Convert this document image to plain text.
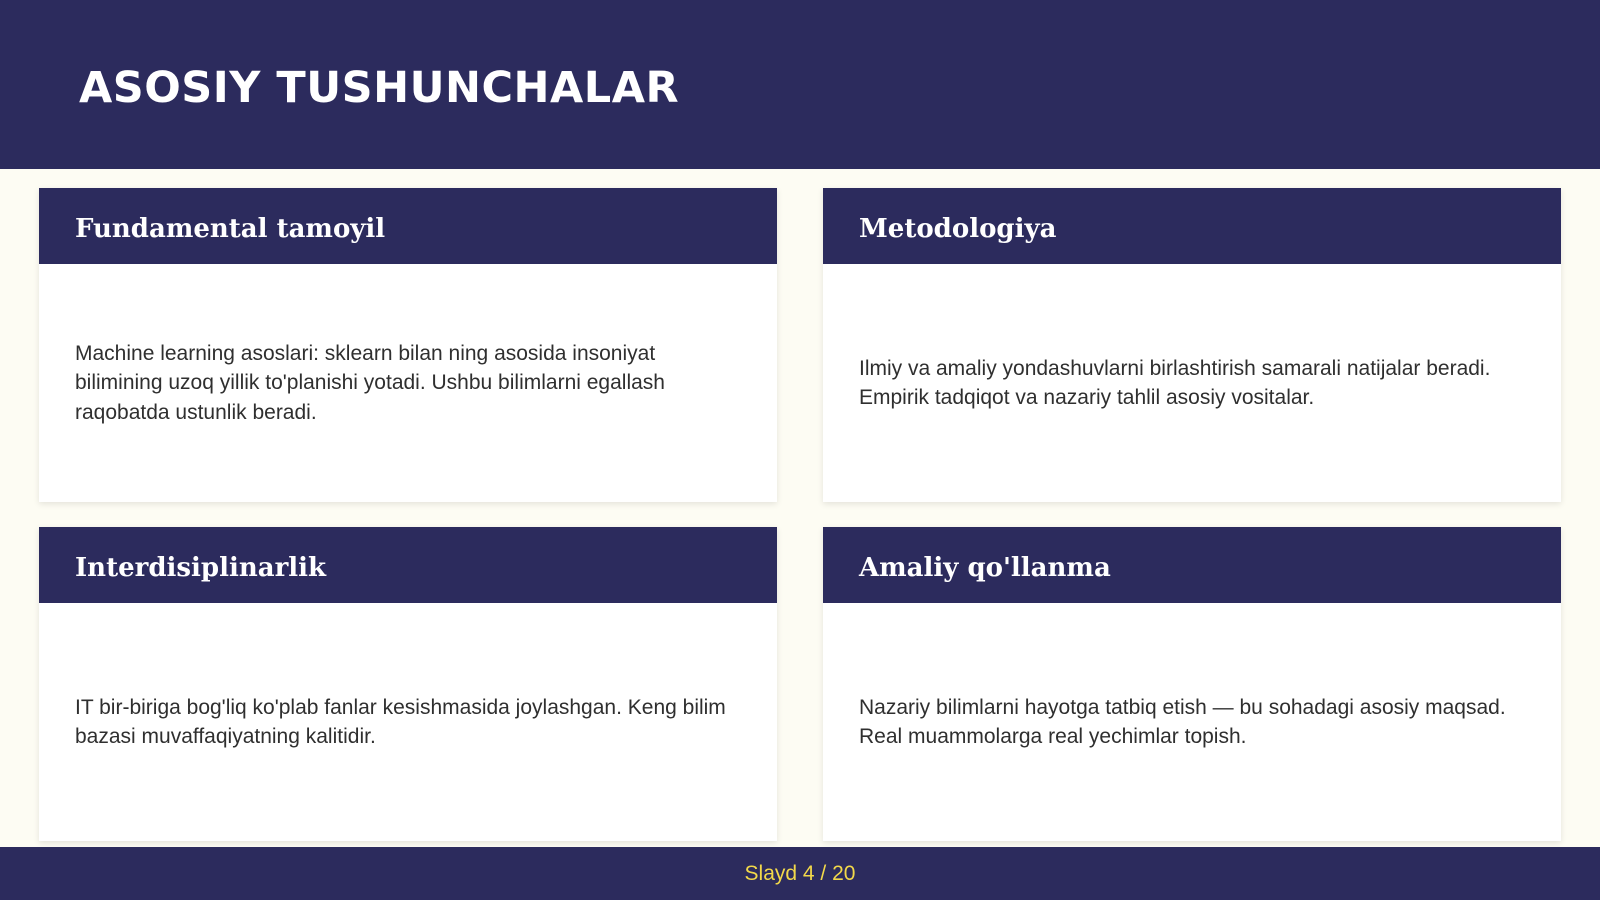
ASOSIY TUSHUNCHALAR
Fundamental tamoyil

Machine learning asoslari: sklearn bilan ning asosida insoniyat bilimining uzoq yillik to'planishi yotadi. Ushbu bilimlarni egallash raqobatda ustunlik beradi.

Metodologiya

Ilmiy va amaliy yondashuvlarni birlashtirish samarali natijalar beradi. Empirik tadqiqot va nazariy tahlil asosiy vositalar.

Interdisiplinarlik

IT bir-biriga bog'liq ko'plab fanlar kesishmasida joylashgan. Keng bilim bazasi muvaffaqiyatning kalitidir.

Amaliy qo'llanma

Nazariy bilimlarni hayotga tatbiq etish — bu sohadagi asosiy maqsad. Real muammolarga real yechimlar topish.

Slayd 4 / 20
